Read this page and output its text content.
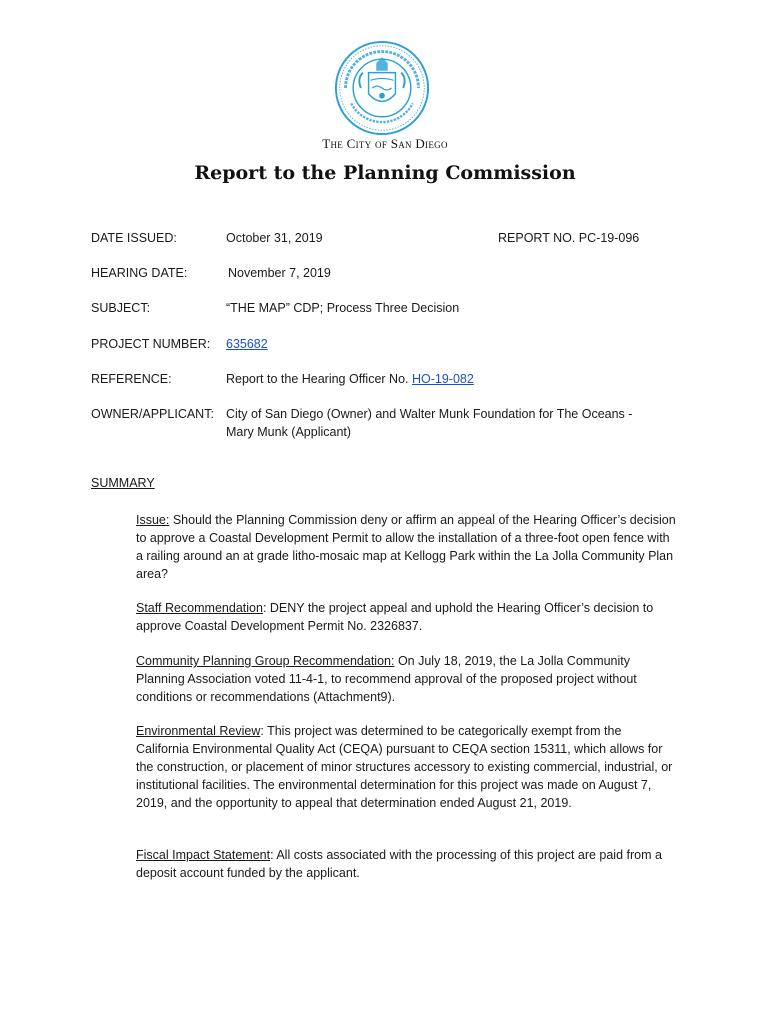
The City of San Diego
Report to the Planning Commission
DATE ISSUED:	October 31, 2019	REPORT NO. PC-19-096
HEARING DATE:	November 7, 2019
SUBJECT:	“THE MAP” CDP; Process Three Decision
PROJECT NUMBER: 635682
REFERENCE:	Report to the Hearing Officer No. HO-19-082
OWNER/APPLICANT: City of San Diego (Owner) and Walter Munk Foundation for The Oceans -
Mary Munk (Applicant)
SUMMARY
Issue: Should the Planning Commission deny or affirm an appeal of the Hearing Officer’s decision to approve a Coastal Development Permit to allow the installation of a three-foot open fence with a railing around an at grade litho-mosaic map at Kellogg Park within the La Jolla Community Plan area?
Staff Recommendation: DENY the project appeal and uphold the Hearing Officer’s decision to approve Coastal Development Permit No. 2326837.
Community Planning Group Recommendation: On July 18, 2019, the La Jolla Community Planning Association voted 11-4-1, to recommend approval of the proposed project without conditions or recommendations (Attachment9).
Environmental Review: This project was determined to be categorically exempt from the California Environmental Quality Act (CEQA) pursuant to CEQA section 15311, which allows for the construction, or placement of minor structures accessory to existing commercial, industrial, or institutional facilities. The environmental determination for this project was made on August 7, 2019, and the opportunity to appeal that determination ended August 21, 2019.
Fiscal Impact Statement: All costs associated with the processing of this project are paid from a deposit account funded by the applicant.
